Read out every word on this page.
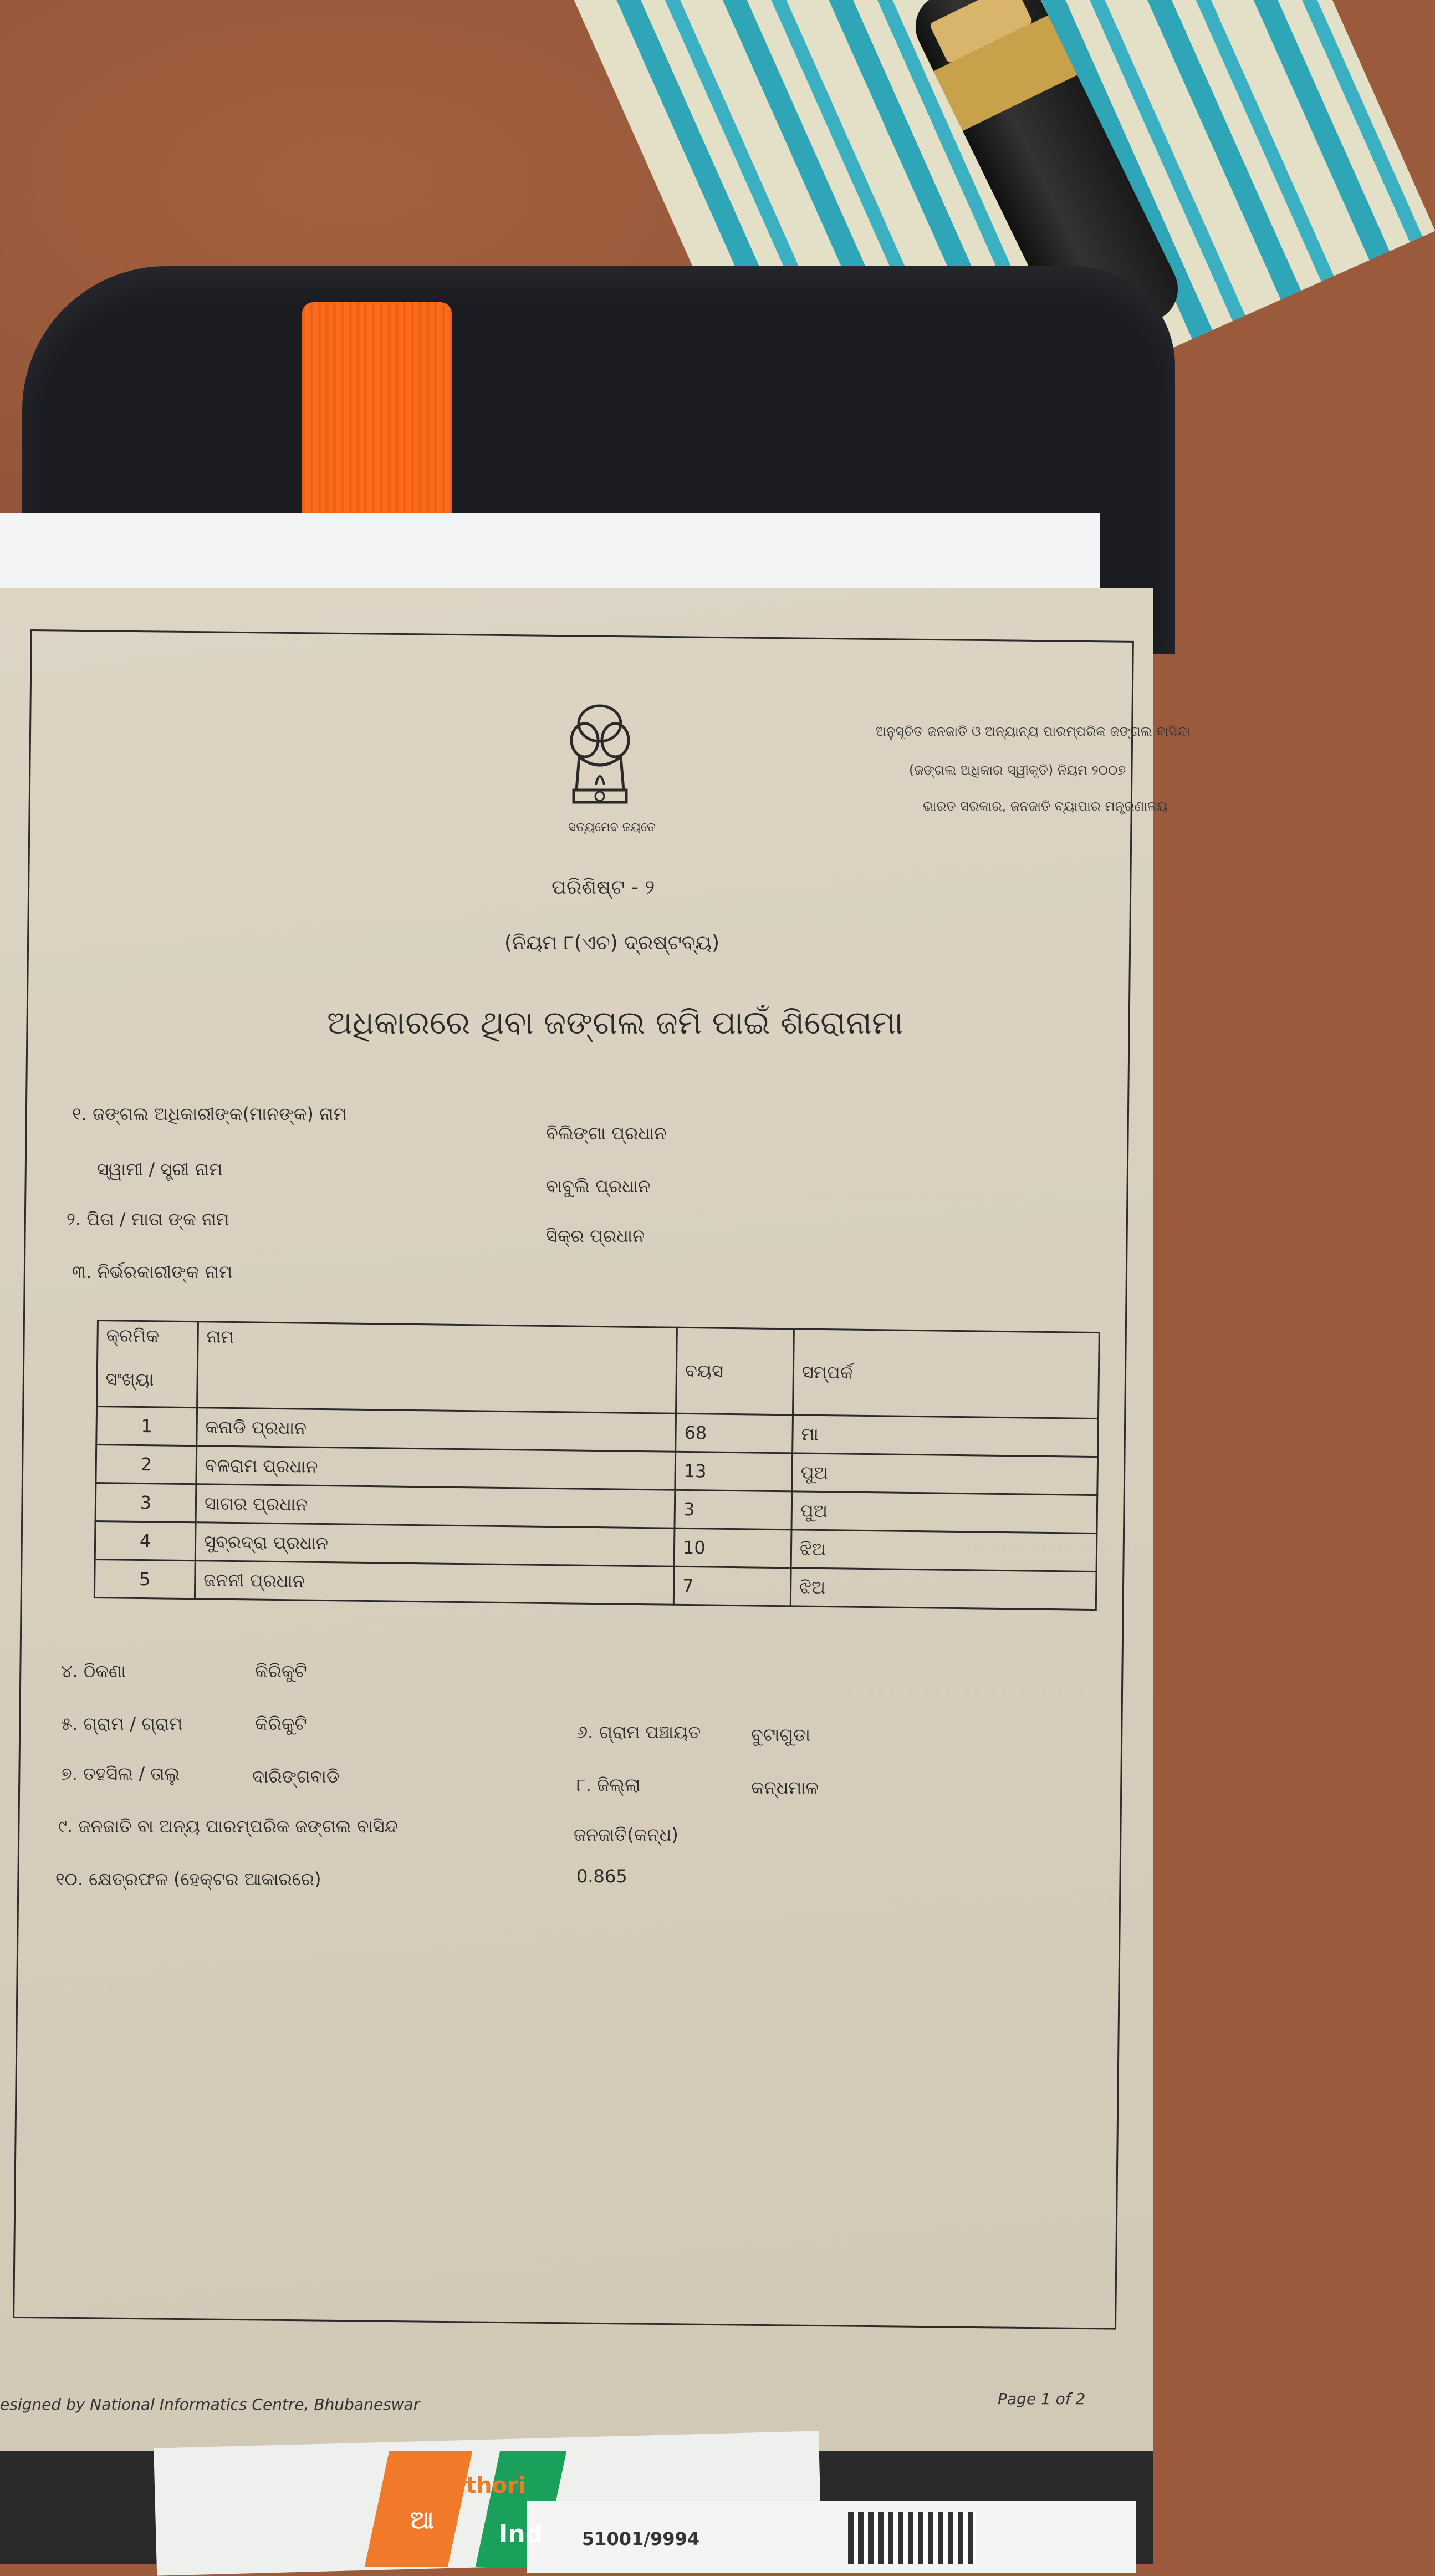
ସତ୍ୟମେବ ଜୟତେ
ଅନୁସୂଚିତ ଜନଜାତି ଓ ଅନ୍ୟାନ୍ୟ ପାରମ୍ପରିକ ଜଙ୍ଗଲ ବାସିନ୍ଦା
(ଜଙ୍ଗଲ ଅଧିକାର ସ୍ୱୀକୃତି) ନିୟମ ୨୦୦୭
ଭାରତ ସରକାର, ଜନଜାତି ବ୍ୟାପାର ମନ୍ତ୍ରଣାଳୟ
ପରିଶିଷ୍ଟ - ୨
(ନିୟମ ୮(ଏଚ) ଦ୍ରଷ୍ଟବ୍ୟ)
ଅଧିକାରରେ ଥିବା ଜଙ୍ଗଲ ଜମି ପାଇଁ ଶିରୋନାମା
୧. ଜଙ୍ଗଲ ଅଧିକାରୀଙ୍କ(ମାନଙ୍କ) ନାମ
ବିଲିଙ୍ଗା ପ୍ରଧାନ
ସ୍ୱାମୀ / ସ୍ତ୍ରୀ ନାମ
ବାବୁଲି ପ୍ରଧାନ
୨. ପିତା / ମାତା ଙ୍କ ନାମ
ସିକ୍ର ପ୍ରଧାନ
୩. ନିର୍ଭରକାରୀଙ୍କ ନାମ
କ୍ରମିକ
ସଂଖ୍ୟା	ନାମ	ବୟସ	ସମ୍ପର୍କ
1	କନାଡି ପ୍ରଧାନ	68	ମା
2	ବଳରାମ ପ୍ରଧାନ	13	ପୁଅ
3	ସାଗର ପ୍ରଧାନ	3	ପୁଅ
4	ସୁବ୍ରଦ୍ରା ପ୍ରଧାନ	10	ଝିଅ
5	ଜନନୀ ପ୍ରଧାନ	7	ଝିଅ
୪. ଠିକଣା	କିରିକୁଟି
୫. ଗ୍ରାମ / ଗ୍ରାମ	କିରିକୁଟି	୬. ଗ୍ରାମ ପଞ୍ଚାୟତ	ବୁଟାଗୁଡା
୭. ତହସିଲ / ତାଲୁ	ଦାରିଙ୍ଗବାଡି	୮. ଜିଲ୍ଲା	କନ୍ଧମାଳ
୯. ଜନଜାତି ବା ଅନ୍ୟ ପାରମ୍ପରିକ ଜଙ୍ଗଲ ବାସିନ୍ଦ	ଜନଜାତି(କନ୍ଧ)
୧୦. କ୍ଷେତ୍ରଫଳ (ହେକ୍ଟର ଆକାରରେ)	0.865
esigned by National Informatics Centre, Bhubaneswar	Page 1 of 2
ଆ
thori
Ind 51001/9994
